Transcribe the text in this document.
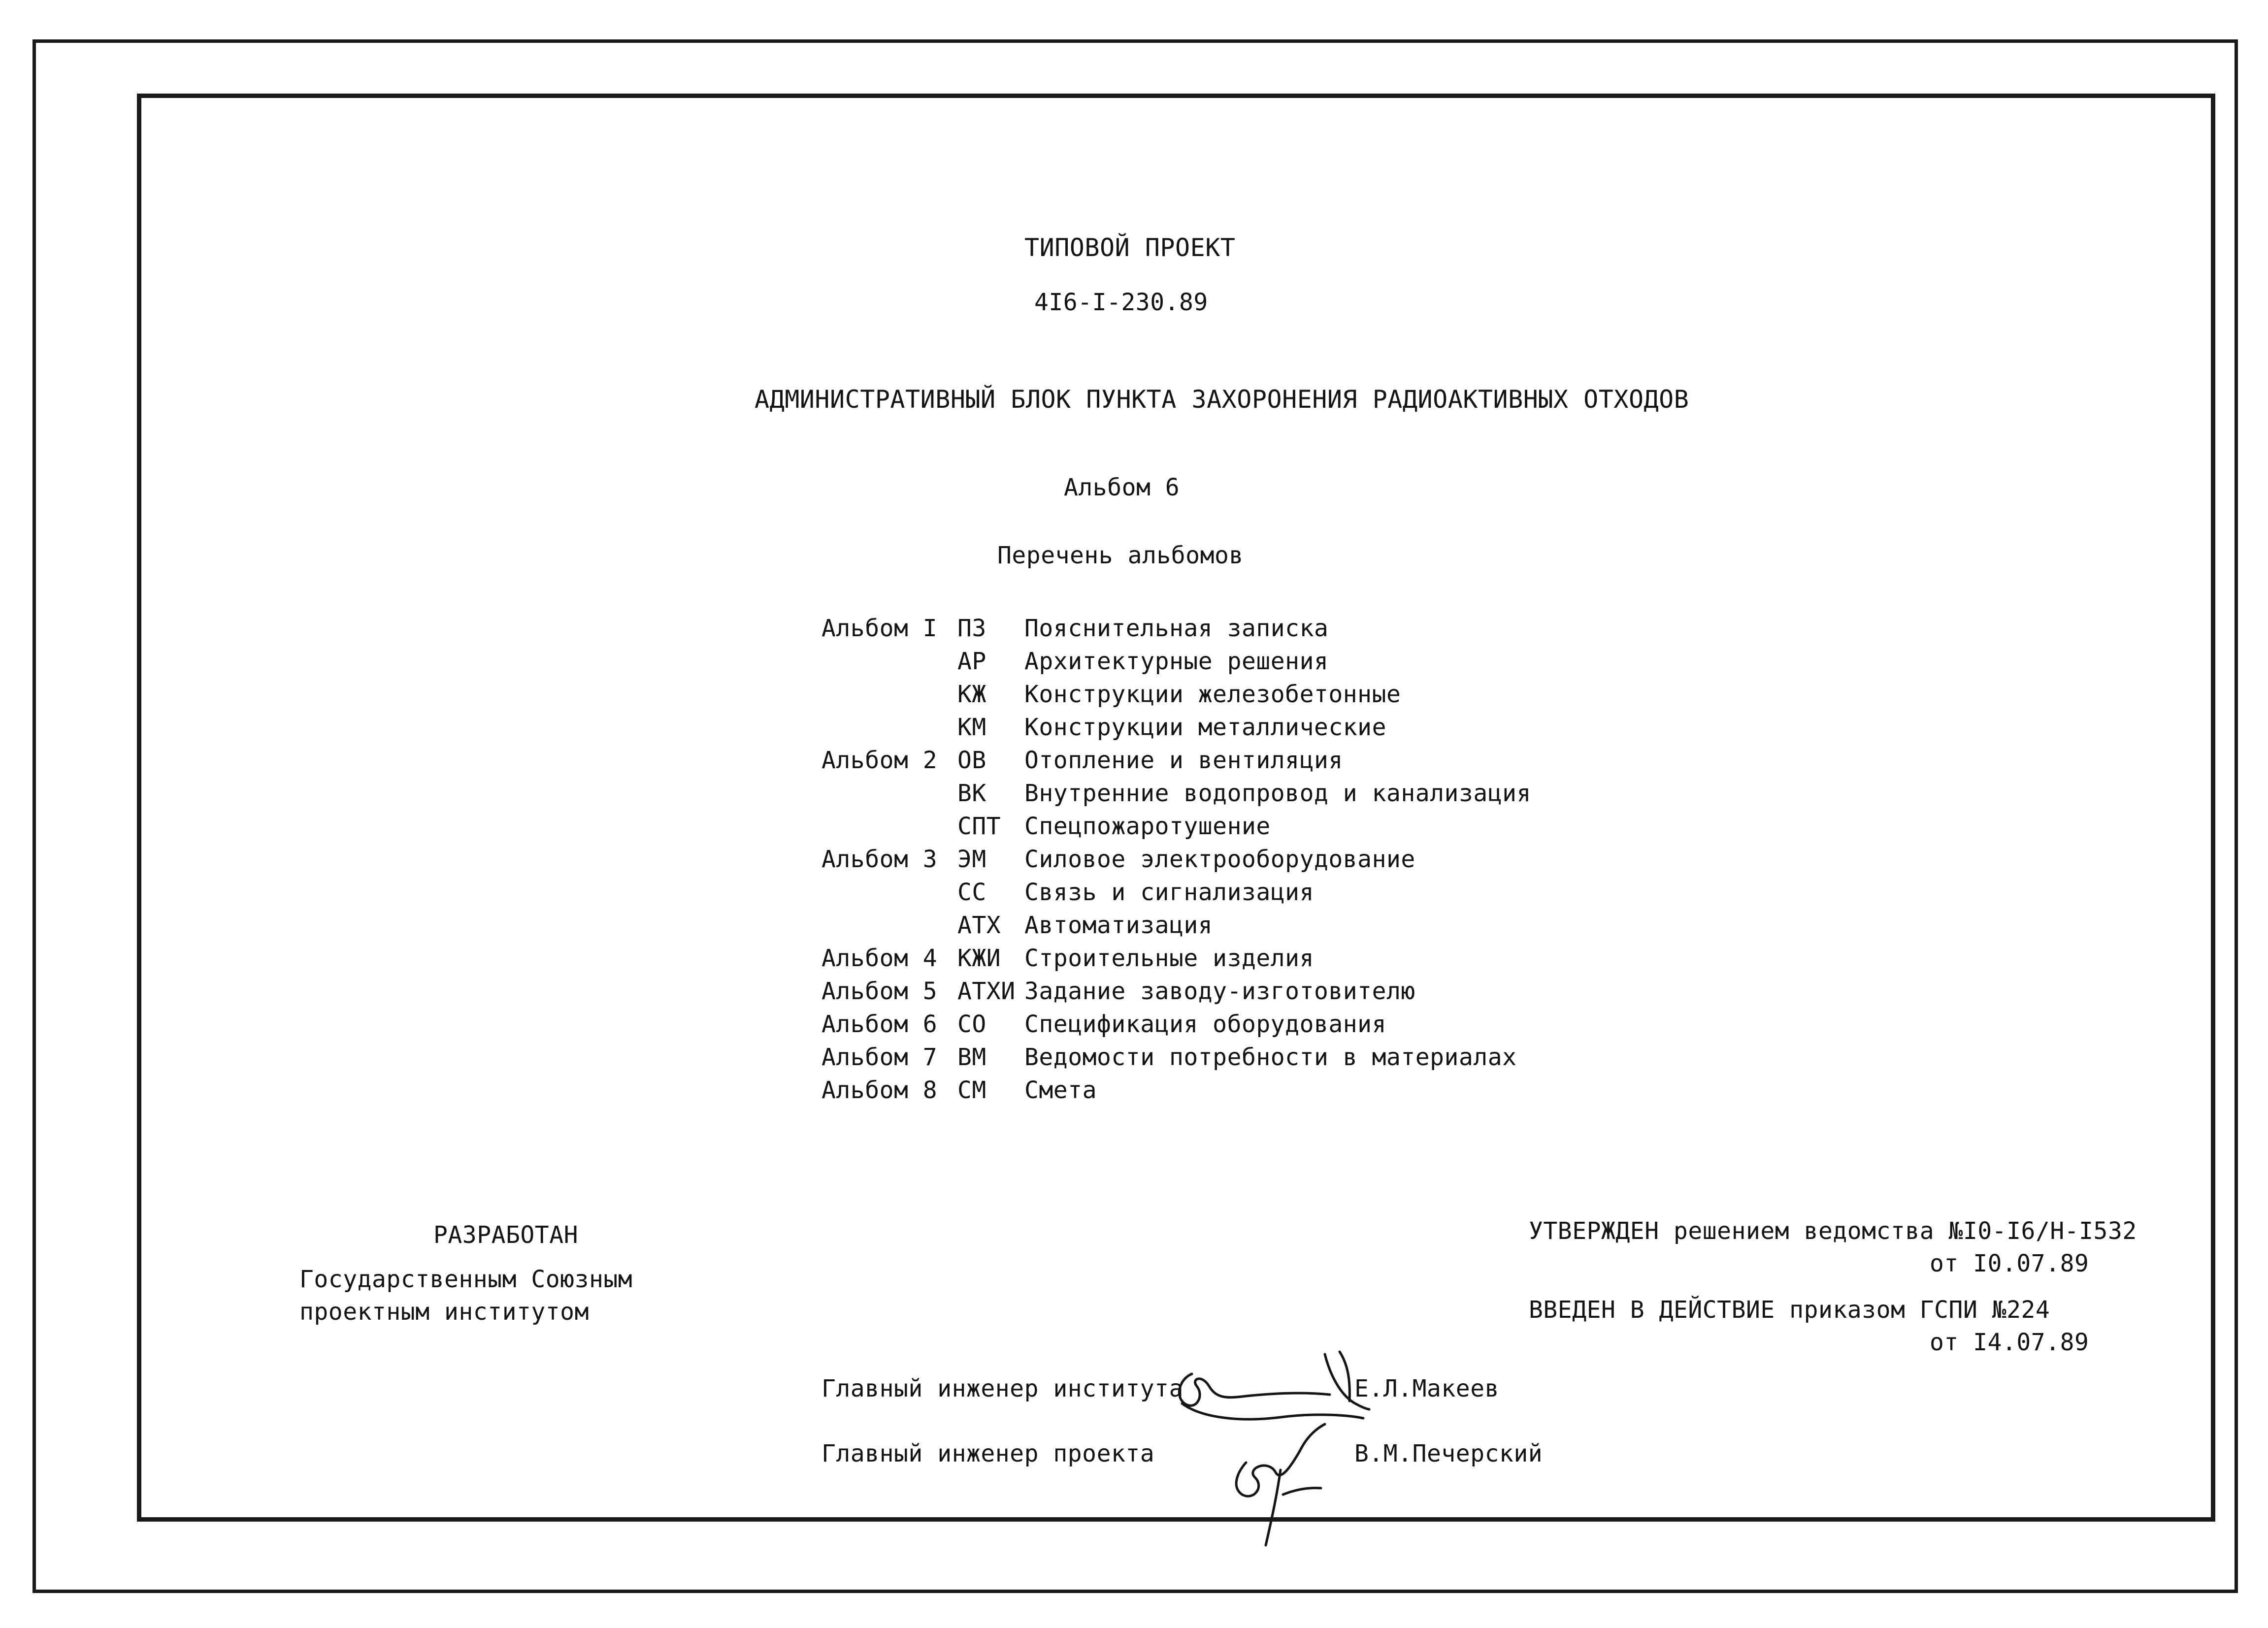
ТИПОВОЙ ПРОЕКТ
4I6-I-230.89
АДМИНИСТРАТИВНЫЙ БЛОК ПУНКТА ЗАХОРОНЕНИЯ РАДИОАКТИВНЫХ ОТХОДОВ
Альбом 6
Перечень альбомов
Альбом I ПЗ Пояснительная записка
АР Архитектурные решения
КЖ Конструкции железобетонные
КМ Конструкции металлические
Альбом 2 ОВ Отопление и вентиляция
ВК Внутренние водопровод и канализация
СПТ Спецпожаротушение
Альбом 3 ЭМ Силовое электрооборудование
СС Связь и сигнализация
АТХ Автоматизация
Альбом 4 КЖИ Строительные изделия
Альбом 5 АТХИ Задание заводу-изготовителю
Альбом 6 СО Спецификация оборудования
Альбом 7 ВМ Ведомости потребности в материалах
Альбом 8 СМ Смета
РАЗРАБОТАН
Государственным Союзным
проектным институтом
УТВЕРЖДЕН решением ведомства №I0-I6/Н-I532
от I0.07.89
ВВЕДЕН В ДЕЙСТВИЕ приказом ГСПИ №224
от I4.07.89
Главный инженер института	Е.Л.Макеев
Главный инженер проекта	В.М.Печерский
